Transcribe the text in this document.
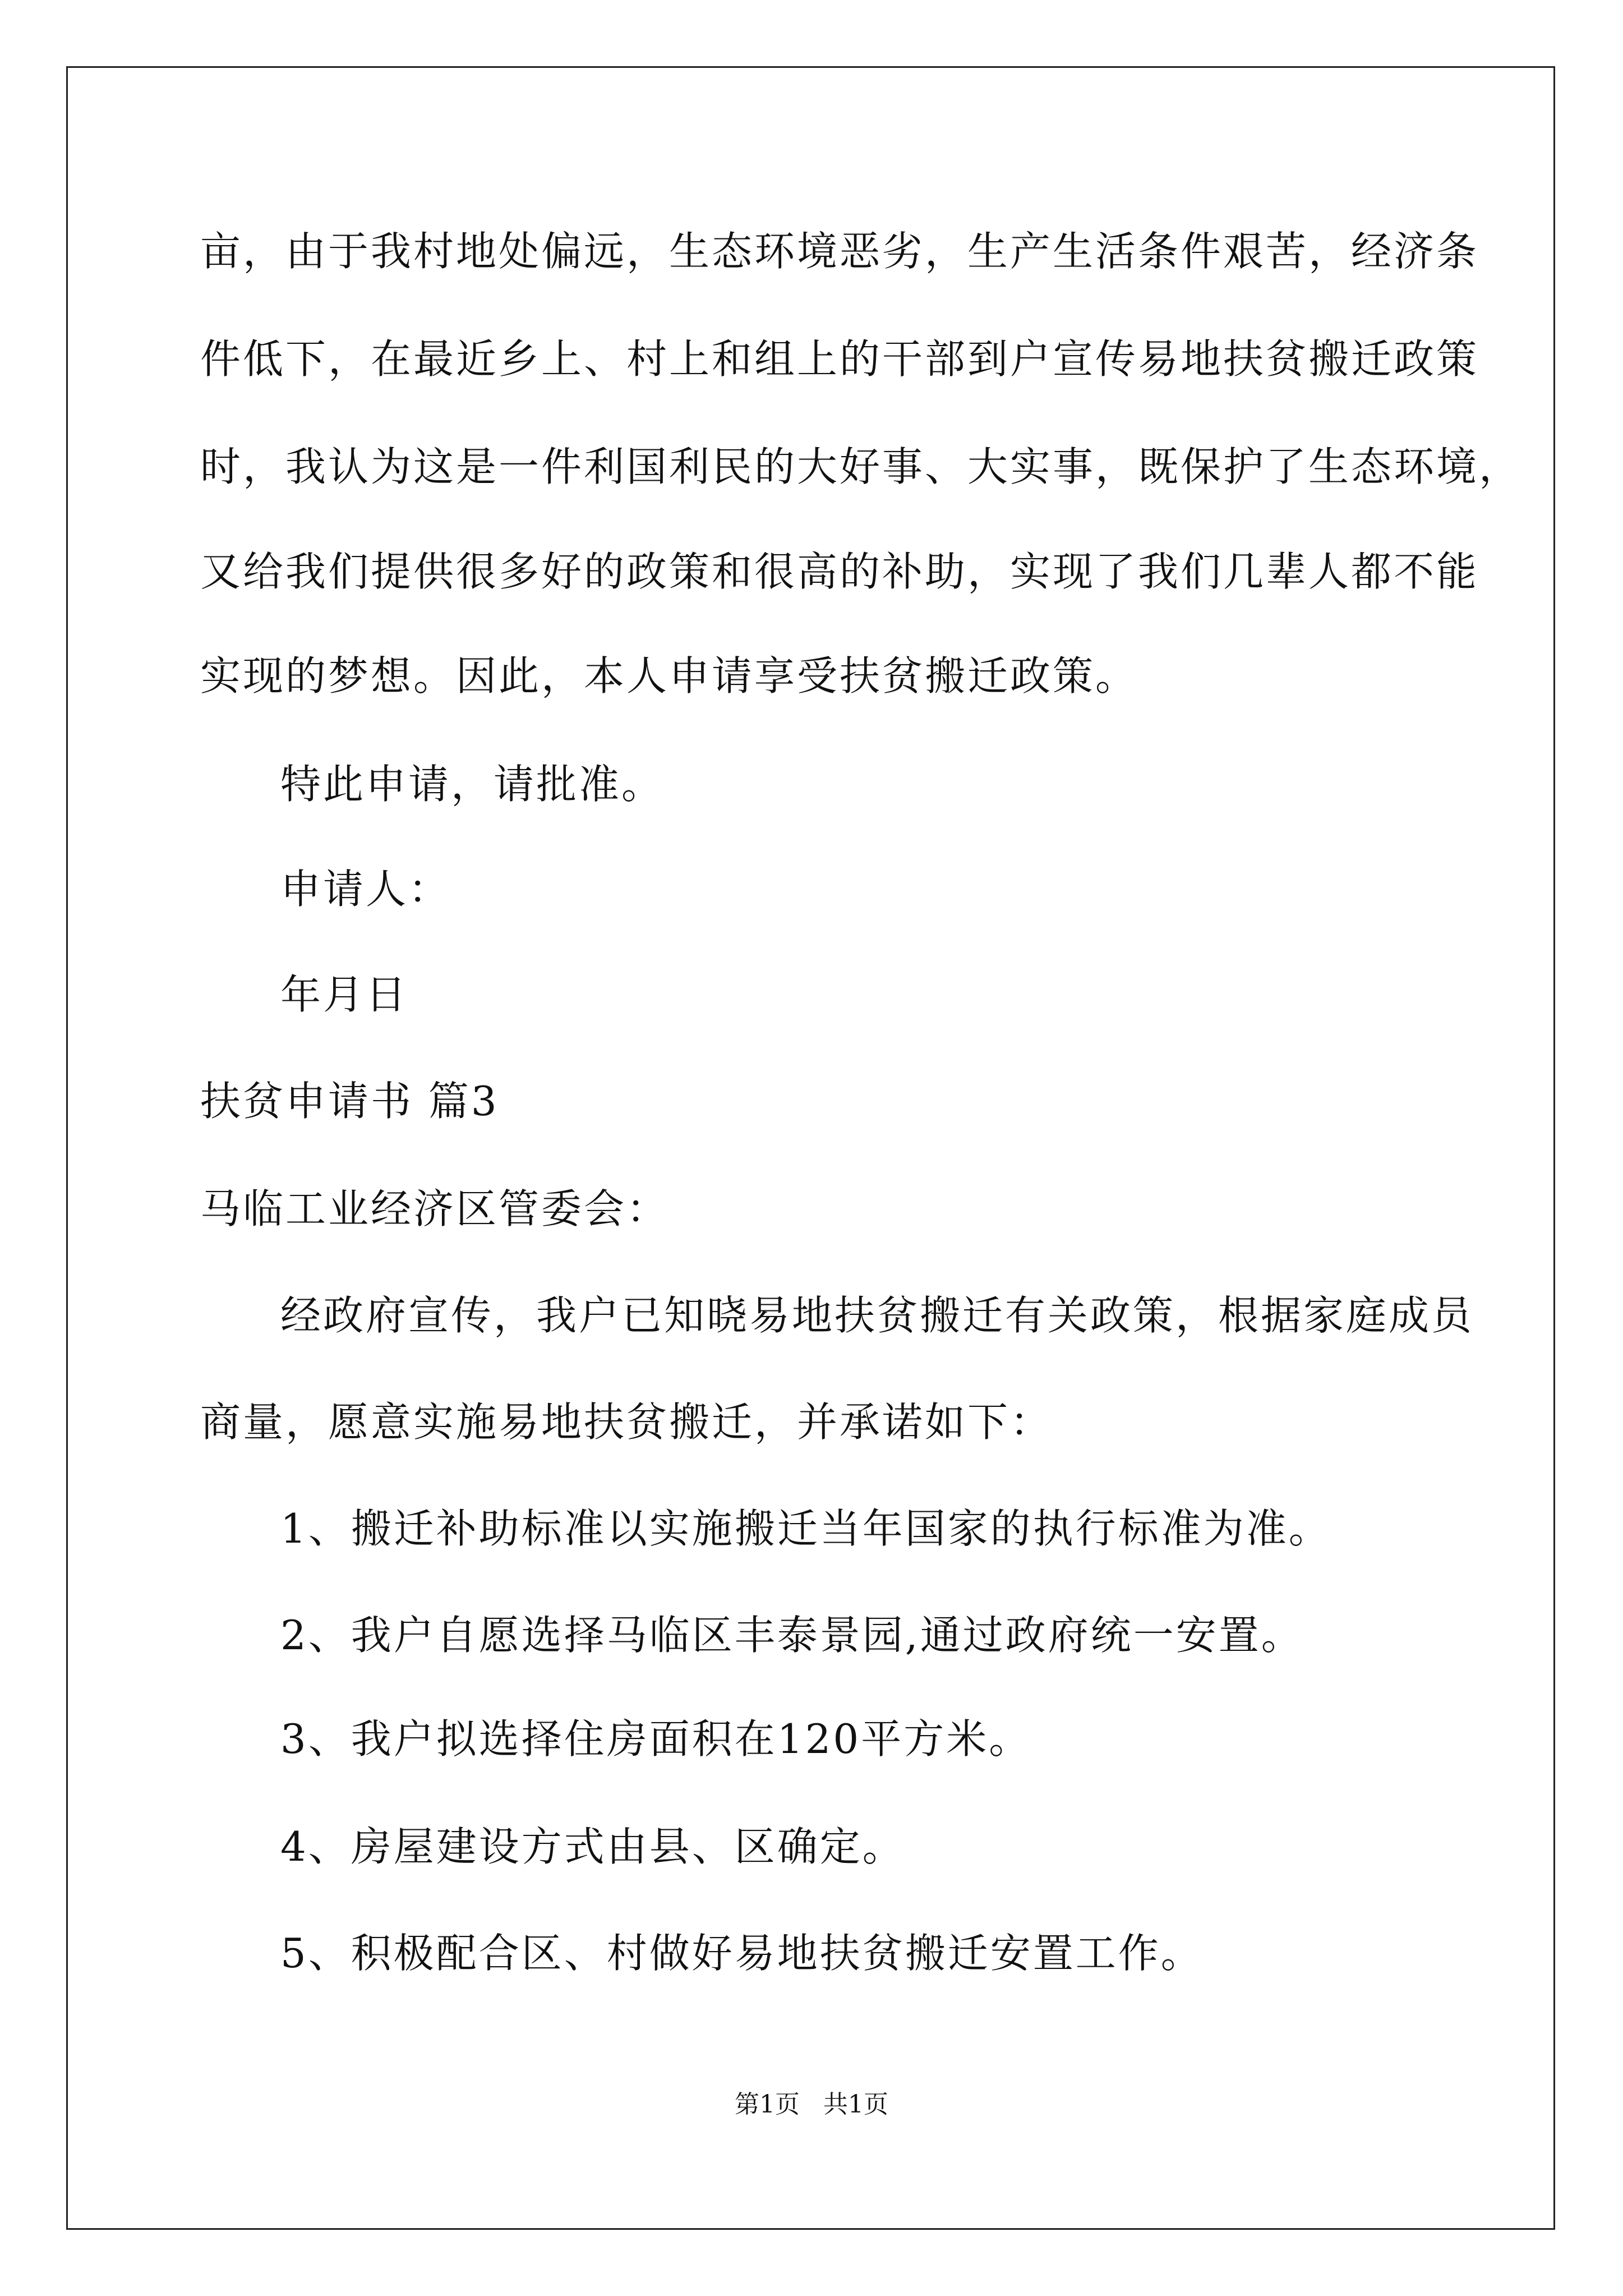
亩，由于我村地处偏远，生态环境恶劣，生产生活条件艰苦，经济条
件低下，在最近乡上、村上和组上的干部到户宣传易地扶贫搬迁政策
时，我认为这是一件利国利民的大好事、大实事，既保护了生态环境，
又给我们提供很多好的政策和很高的补助，实现了我们几辈人都不能
实现的梦想。因此，本人申请享受扶贫搬迁政策。
特此申请，请批准。
申请人：
年月日
扶贫申请书 篇3
马临工业经济区管委会：
经政府宣传，我户已知晓易地扶贫搬迁有关政策，根据家庭成员
商量，愿意实施易地扶贫搬迁，并承诺如下：
1、搬迁补助标准以实施搬迁当年国家的执行标准为准。
2、我户自愿选择马临区丰泰景园,通过政府统一安置。
3、我户拟选择住房面积在120平方米。
4、房屋建设方式由县、区确定。
5、积极配合区、村做好易地扶贫搬迁安置工作。
第1页   共1页
